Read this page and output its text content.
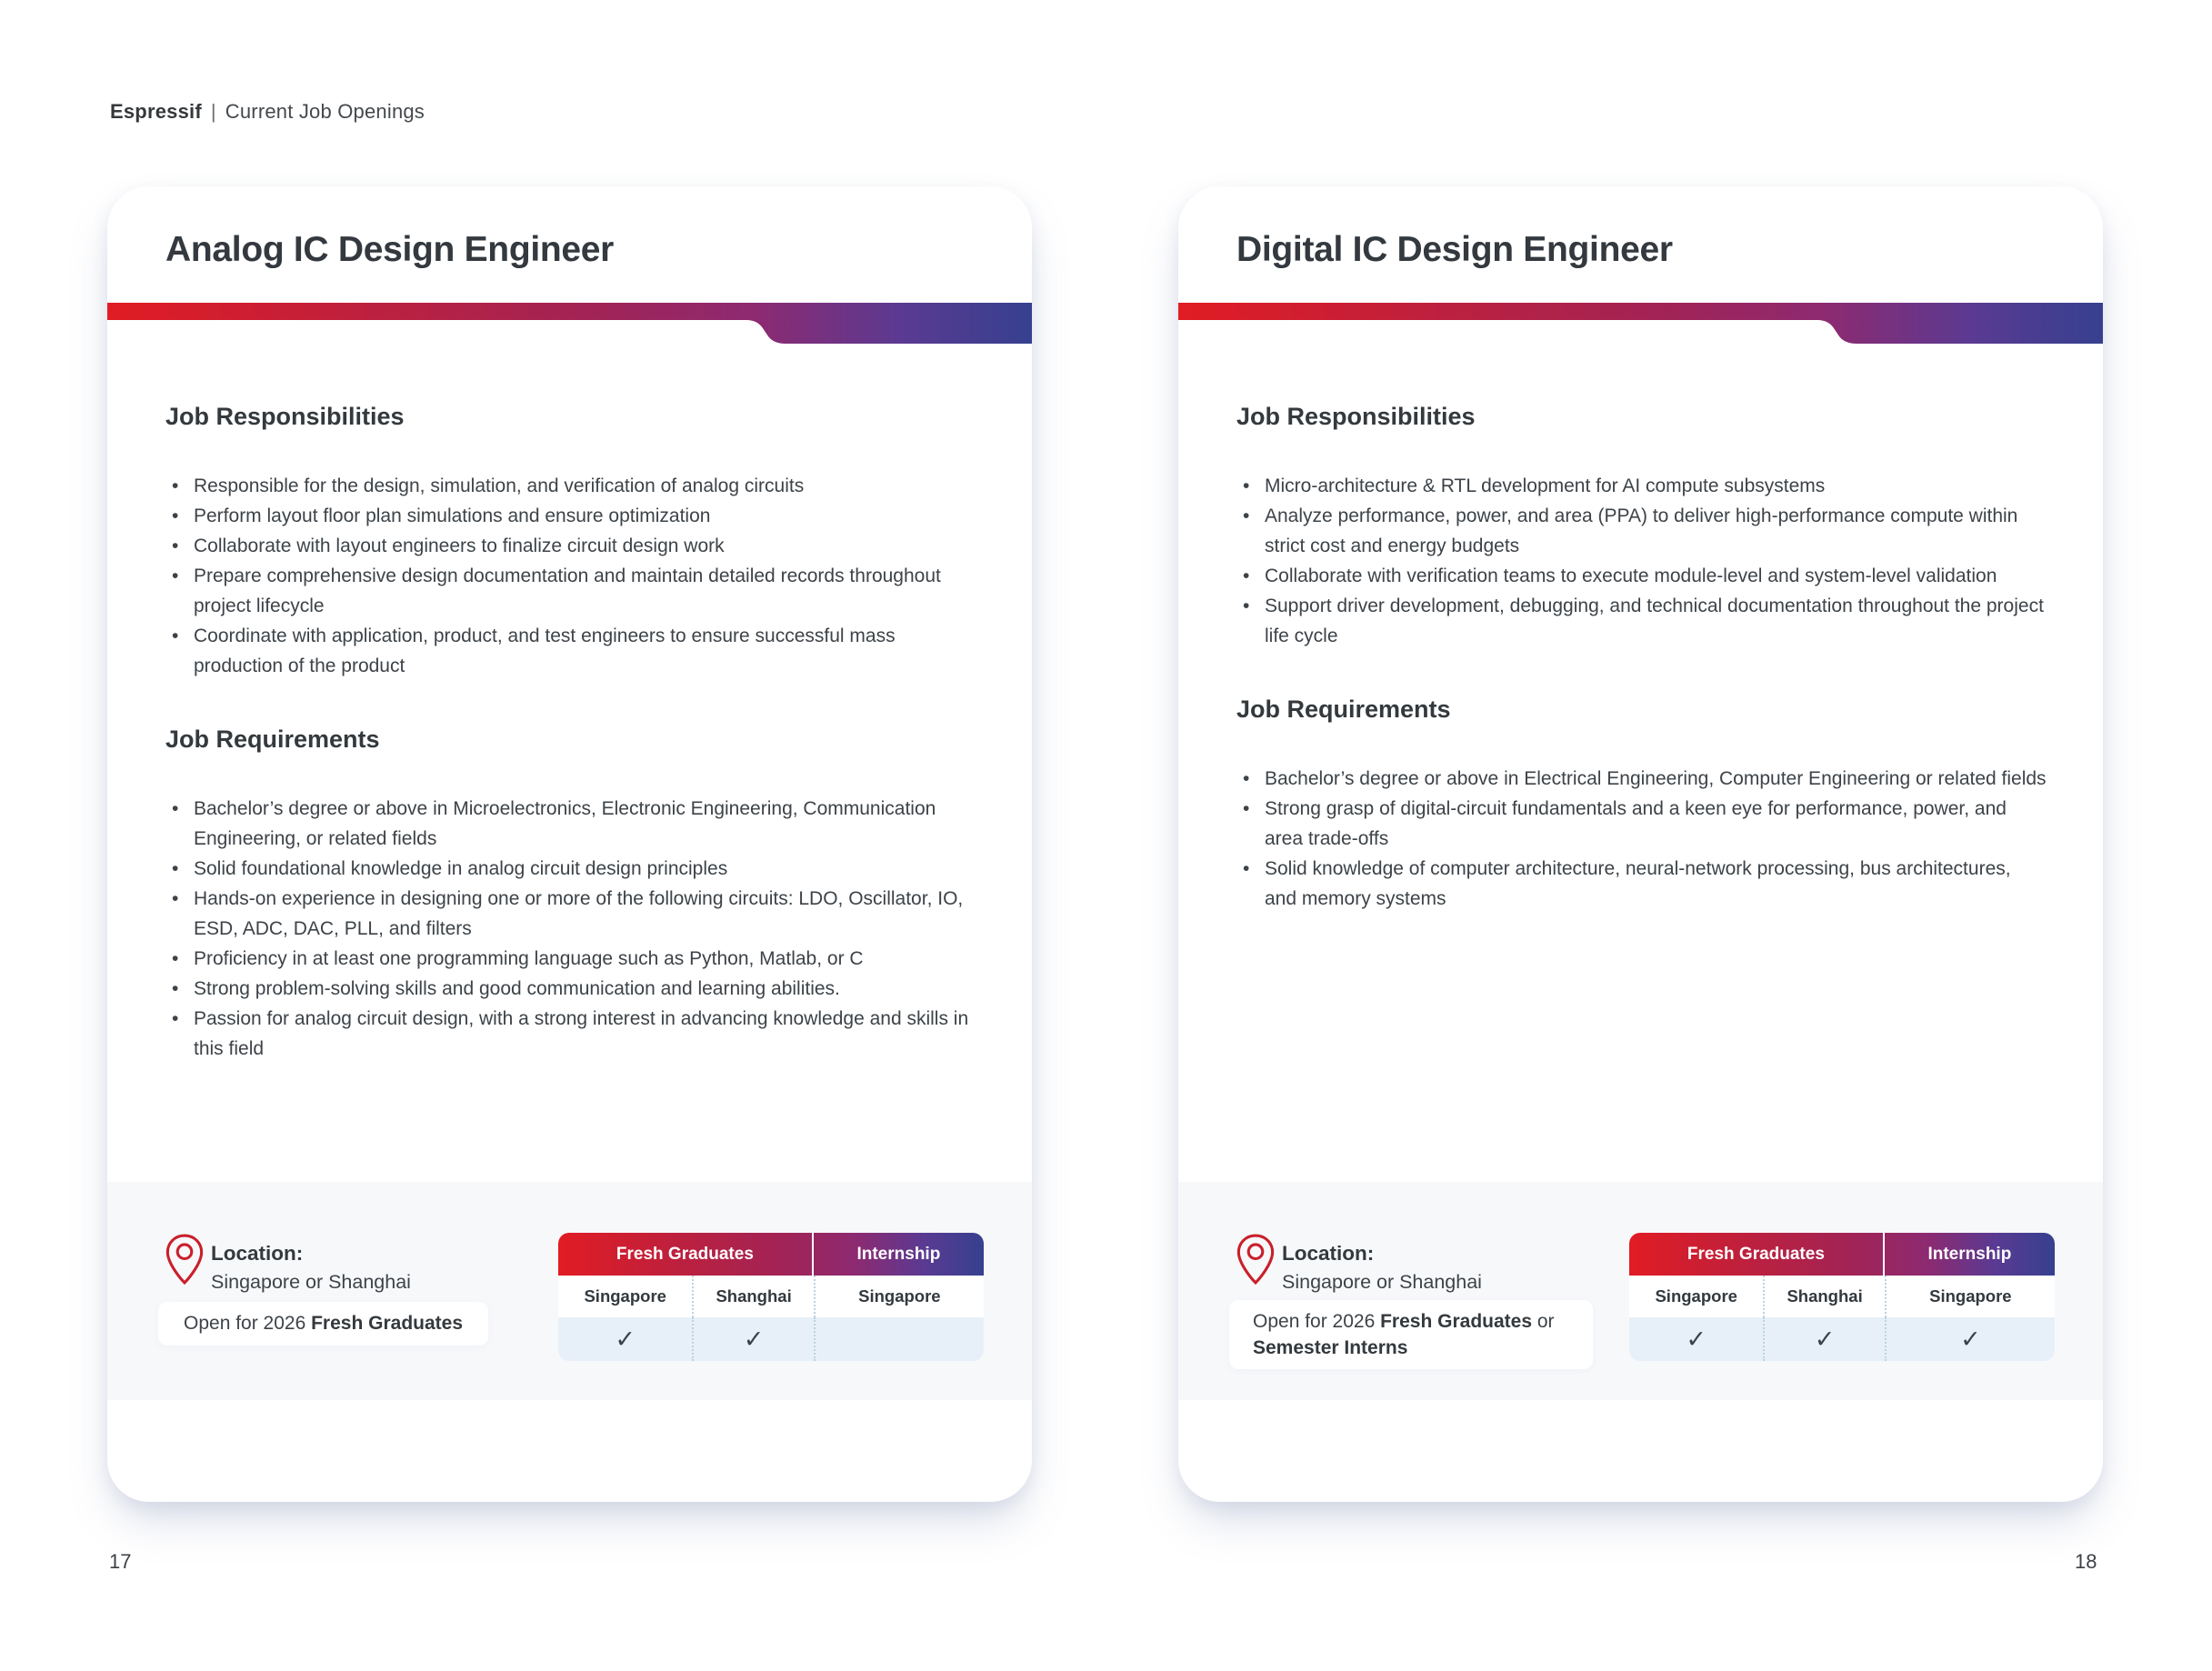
Espressif | Current Job Openings
Analog IC Design Engineer
Job Responsibilities
• Responsible for the design, simulation, and verification of analog circuits
• Perform layout floor plan simulations and ensure optimization
• Collaborate with layout engineers to finalize circuit design work
• Prepare comprehensive design documentation and maintain detailed records throughout project lifecycle
• Coordinate with application, product, and test engineers to ensure successful mass production of the product
Job Requirements
• Bachelor’s degree or above in Microelectronics, Electronic Engineering, Communication Engineering, or related fields
• Solid foundational knowledge in analog circuit design principles
• Hands-on experience in designing one or more of the following circuits: LDO, Oscillator, IO, ESD, ADC, DAC, PLL, and filters
• Proficiency in at least one programming language such as Python, Matlab, or C
• Strong problem-solving skills and good communication and learning abilities.
• Passion for analog circuit design, with a strong interest in advancing knowledge and skills in this field
Location:
Singapore or Shanghai
Open for 2026 Fresh Graduates
Fresh Graduates	Internship
Singapore	Shanghai	Singapore
✓	✓
Digital IC Design Engineer
Job Responsibilities
• Micro-architecture & RTL development for AI compute subsystems
• Analyze performance, power, and area (PPA) to deliver high-performance compute within strict cost and energy budgets
• Collaborate with verification teams to execute module-level and system-level validation
• Support driver development, debugging, and technical documentation throughout the project life cycle
Job Requirements
• Bachelor’s degree or above in Electrical Engineering, Computer Engineering or related fields
• Strong grasp of digital-circuit fundamentals and a keen eye for performance, power, and area trade-offs
• Solid knowledge of computer architecture, neural-network processing, bus architectures, and memory systems
Location:
Singapore or Shanghai
Open for 2026 Fresh Graduates or Semester Interns
Fresh Graduates	Internship
Singapore	Shanghai	Singapore
✓	✓	✓
17	18
